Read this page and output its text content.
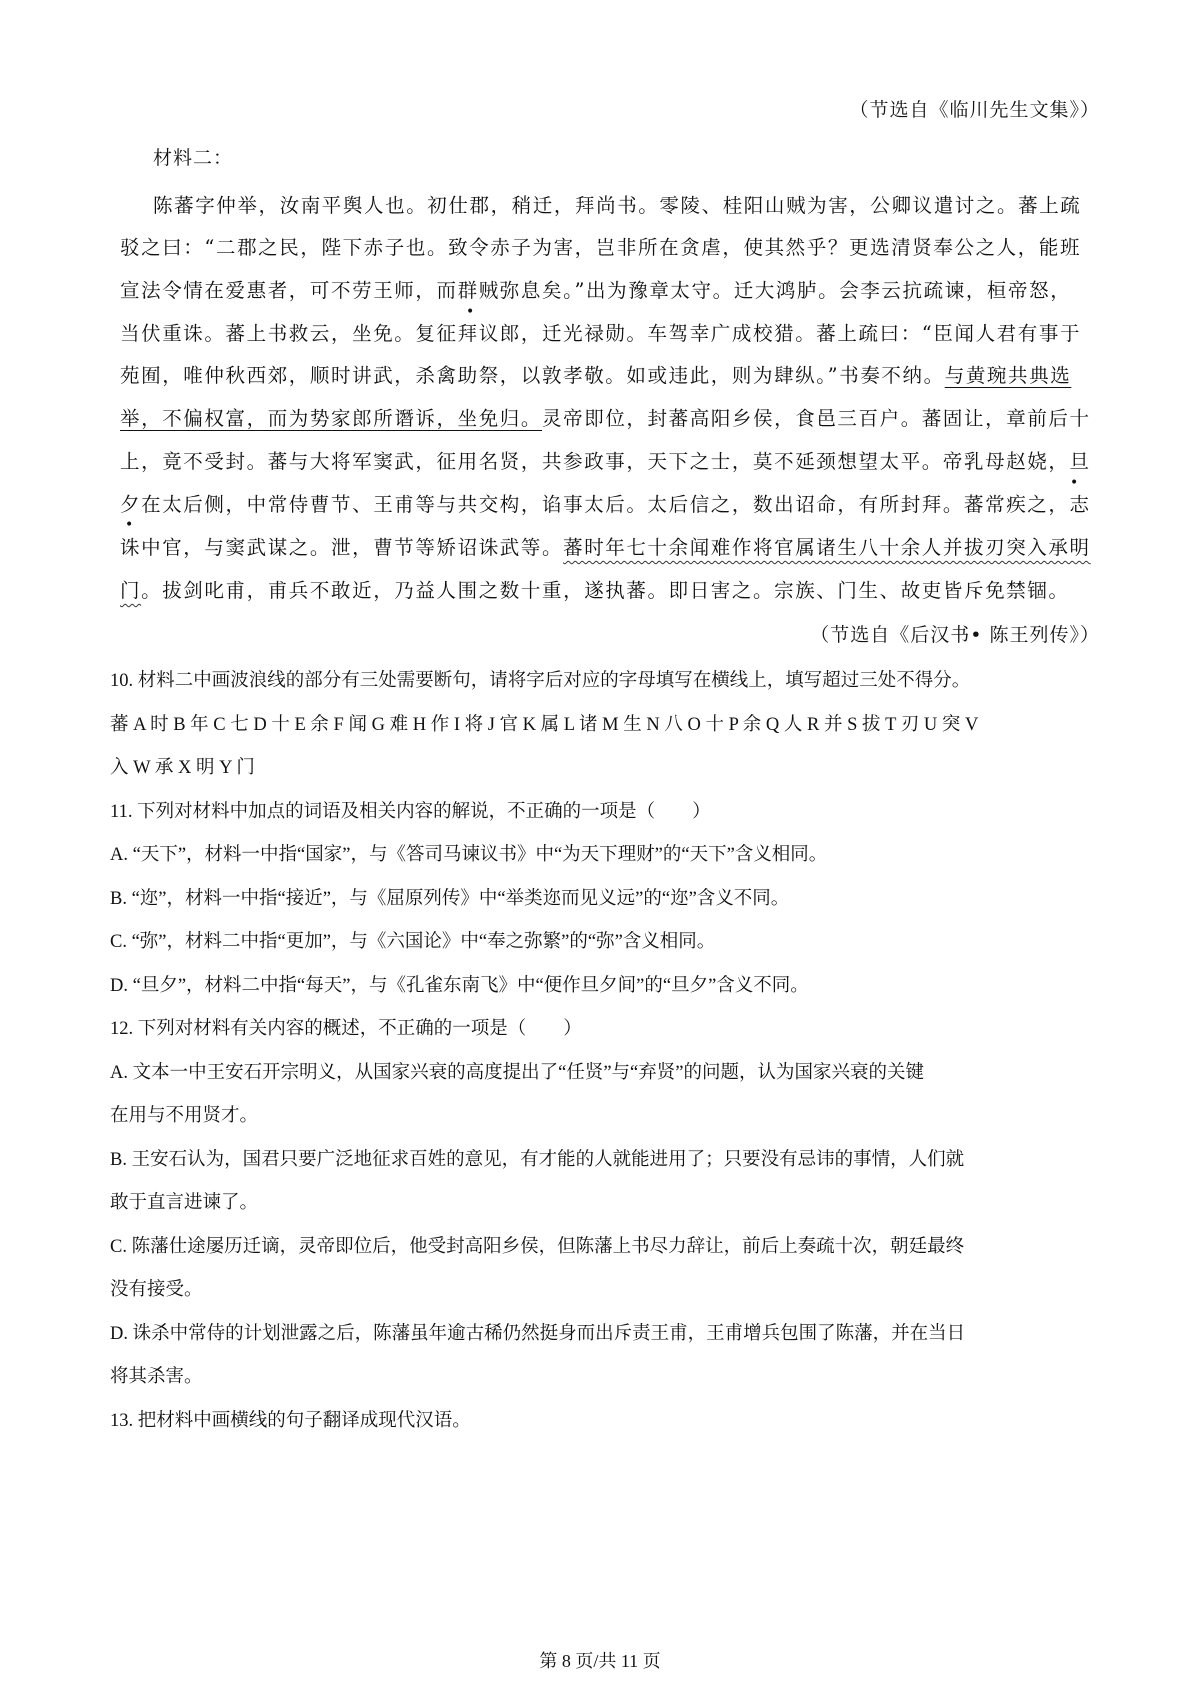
（节选自《临川先生文集》）
材料二：
陈蕃字仲举，汝南平舆人也。初仕郡，稍迁，拜尚书。零陵、桂阳山贼为害，公卿议遣讨之。蕃上疏
驳之曰：“二郡之民，陛下赤子也。致令赤子为害，岂非所在贪虐，使其然乎？更选清贤奉公之人，能班
宣法令情在爱惠者，可不劳王师，而群贼弥息矣。”出为豫章太守。迁大鸿胪。会李云抗疏谏，桓帝怒，
当伏重诛。蕃上书救云，坐免。复征拜议郎，迁光禄勋。车驾幸广成校猎。蕃上疏曰：“臣闻人君有事于
苑囿，唯仲秋西郊，顺时讲武，杀禽助祭，以敦孝敬。如或违此，则为肆纵。”书奏不纳。与黄琬共典选
举，不偏权富，而为势家郎所谮诉，坐免归。灵帝即位，封蕃高阳乡侯，食邑三百户。蕃固让，章前后十
上，竟不受封。蕃与大将军窦武，征用名贤，共参政事，天下之士，莫不延颈想望太平。帝乳母赵娆，旦
夕在太后侧，中常侍曹节、王甫等与共交构，谄事太后。太后信之，数出诏命，有所封拜。蕃常疾之，志
诛中官，与窦武谋之。泄，曹节等矫诏诛武等。蕃时年七十余闻难作将官属诸生八十余人并拔刃突入承明
门。拔剑叱甫，甫兵不敢近，乃益人围之数十重，遂执蕃。即日害之。宗族、门生、故吏皆斥免禁锢。
•
•
•
（节选自《后汉书• 陈王列传》）
10. 材料二中画波浪线的部分有三处需要断句，请将字后对应的字母填写在横线上，填写超过三处不得分。
蕃 A 时 B 年 C 七 D 十 E 余 F 闻 G 难 H 作 I 将 J 官 K 属 L 诸 M 生 N 八 O 十 P 余 Q 人 R 并 S 拔 T 刃 U 突 V
入 W 承 X 明 Y 门
11. 下列对材料中加点的词语及相关内容的解说，不正确的一项是（　　）
A. “天下”，材料一中指“国家”，与《答司马谏议书》中“为天下理财”的“天下”含义相同。
B. “迩”，材料一中指“接近”，与《屈原列传》中“举类迩而见义远”的“迩”含义不同。
C. “弥”，材料二中指“更加”，与《六国论》中“奉之弥繁”的“弥”含义相同。
D. “旦夕”，材料二中指“每天”，与《孔雀东南飞》中“便作旦夕间”的“旦夕”含义不同。
12. 下列对材料有关内容的概述，不正确的一项是（　　）
A. 文本一中王安石开宗明义，从国家兴衰的高度提出了“任贤”与“弃贤”的问题，认为国家兴衰的关键
在用与不用贤才。
B. 王安石认为，国君只要广泛地征求百姓的意见，有才能的人就能进用了；只要没有忌讳的事情，人们就
敢于直言进谏了。
C. 陈藩仕途屡历迁谪，灵帝即位后，他受封高阳乡侯，但陈藩上书尽力辞让，前后上奏疏十次，朝廷最终
没有接受。
D. 诛杀中常侍的计划泄露之后，陈藩虽年逾古稀仍然挺身而出斥责王甫，王甫增兵包围了陈藩，并在当日
将其杀害。
13. 把材料中画横线的句子翻译成现代汉语。
第 8 页/共 11 页
